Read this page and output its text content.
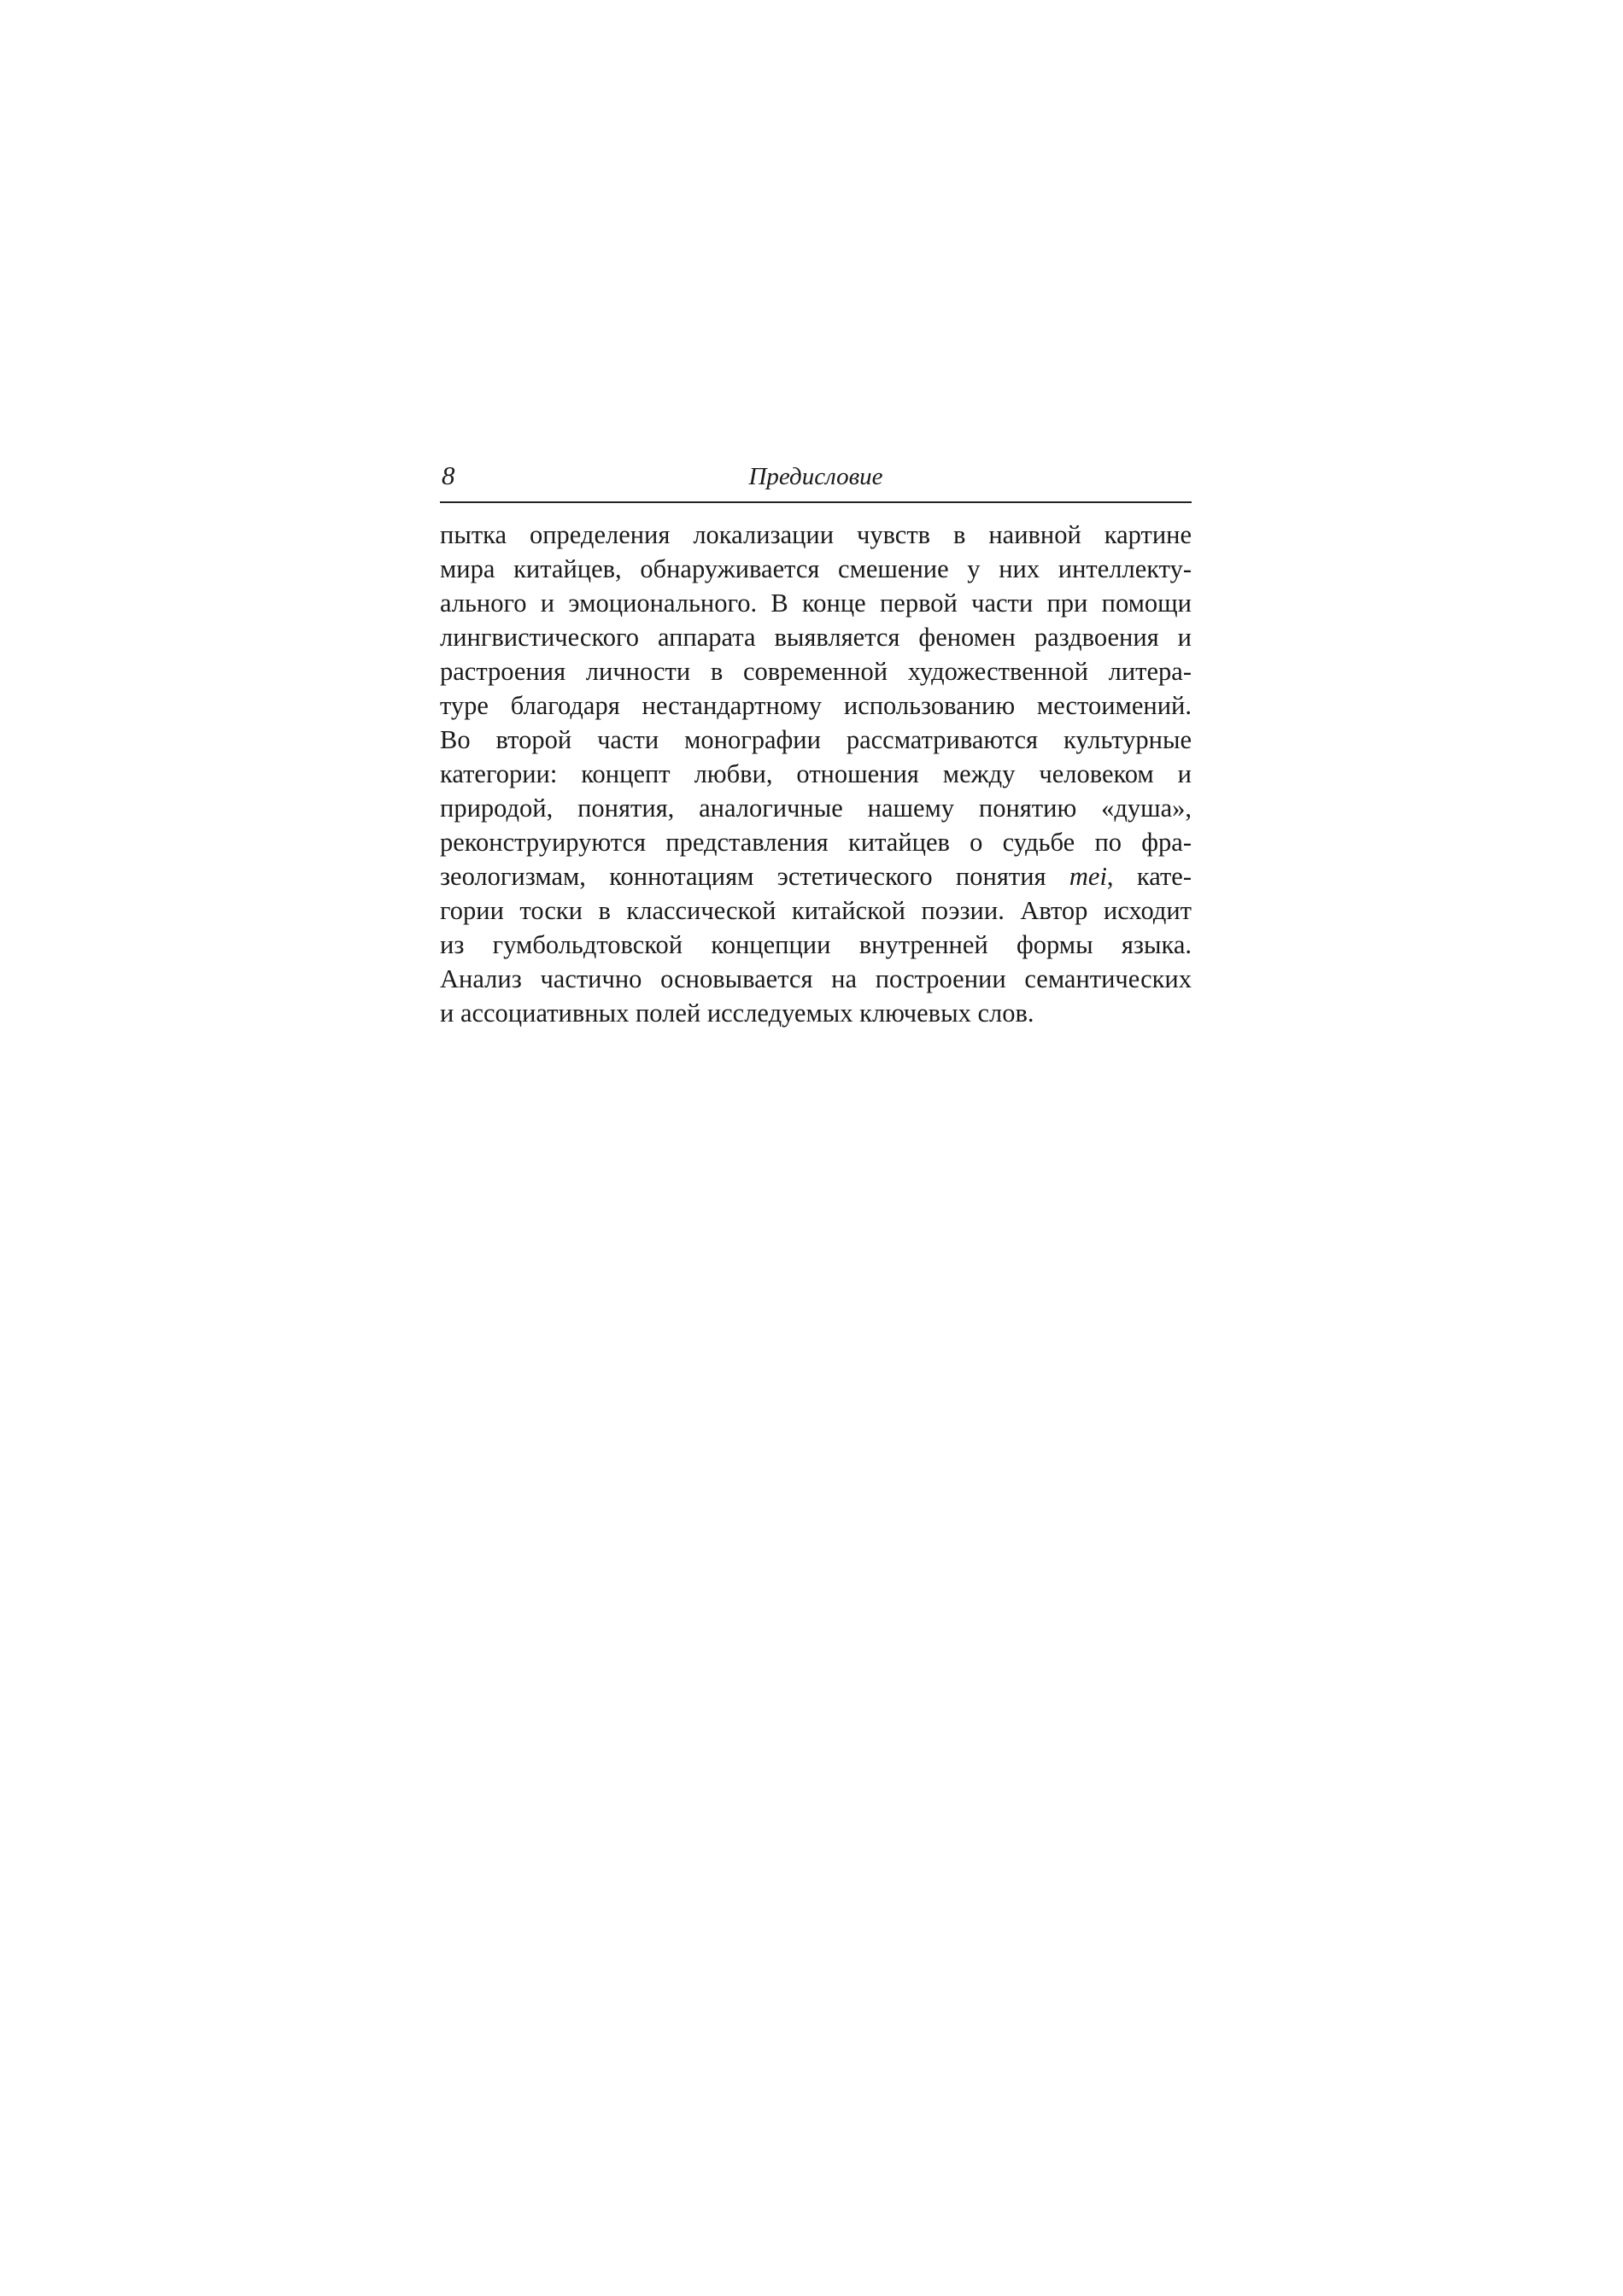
8	Предисловие
пытка определения локализации чувств в наивной картине
мира китайцев, обнаруживается смешение у них интеллекту-
ального и эмоционального. В конце первой части при помощи
лингвистического аппарата выявляется феномен раздвоения и
растроения личности в современной художественной литера-
туре благодаря нестандартному использованию местоимений.
Во второй части монографии рассматриваются культурные
категории: концепт любви, отношения между человеком и
природой, понятия, аналогичные нашему понятию «душа»,
реконструируются представления китайцев о судьбе по фра-
зеологизмам, коннотациям эстетического понятия mei, кате-
гории тоски в классической китайской поэзии. Автор исходит
из гумбольдтовской концепции внутренней формы языка.
Анализ частично основывается на построении семантических
и ассоциативных полей исследуемых ключевых слов.
